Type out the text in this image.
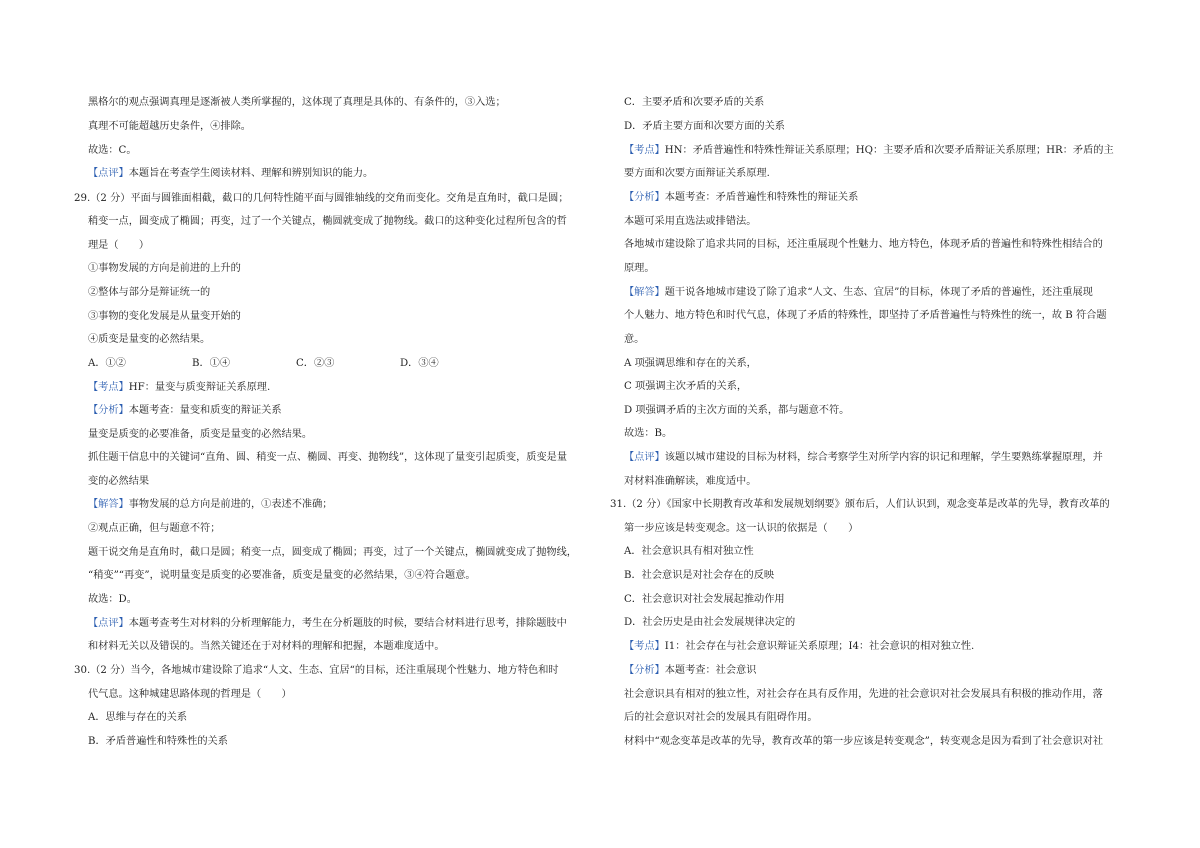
黑格尔的观点强调真理是逐渐被人类所掌握的，这体现了真理是具体的、有条件的，③入选；
真理不可能超越历史条件，④排除。
故选：C。
【点评】本题旨在考查学生阅读材料、理解和辨别知识的能力。
29.（2 分）平面与圆锥面相截，截口的几何特性随平面与圆锥轴线的交角而变化。交角是直角时，截口是圆；
稍变一点，圆变成了椭圆；再变，过了一个关键点，椭圆就变成了抛物线。截口的这种变化过程所包含的哲
理是（　　）
①事物发展的方向是前进的上升的
②整体与部分是辩证统一的
③事物的变化发展是从量变开始的
④质变是量变的必然结果。
A．①②	B．①④	C．②③	D．③④
【考点】HF：量变与质变辩证关系原理.
【分析】本题考查：量变和质变的辩证关系
量变是质变的必要准备，质变是量变的必然结果。
抓住题干信息中的关键词“直角、圆、稍变一点、椭圆、再变、抛物线”，这体现了量变引起质变，质变是量
变的必然结果
【解答】事物发展的总方向是前进的，①表述不准确；
②观点正确，但与题意不符；
题干说交角是直角时，截口是圆；稍变一点，圆变成了椭圆；再变，过了一个关键点，椭圆就变成了抛物线，
“稍变”“再变”，说明量变是质变的必要准备，质变是量变的必然结果，③④符合题意。
故选：D。
【点评】本题考查考生对材料的分析理解能力，考生在分析题肢的时候，要结合材料进行思考，排除题肢中
和材料无关以及错误的。当然关键还在于对材料的理解和把握，本题难度适中。
30.（2 分）当今，各地城市建设除了追求“人文、生态、宜居“的目标，还注重展现个性魅力、地方特色和时
代气息。这种城建思路体现的哲理是（　　）
A．思维与存在的关系
B．矛盾普遍性和特殊性的关系
C．主要矛盾和次要矛盾的关系
D．矛盾主要方面和次要方面的关系
【考点】HN：矛盾普遍性和特殊性辩证关系原理；HQ：主要矛盾和次要矛盾辩证关系原理；HR：矛盾的主
要方面和次要方面辩证关系原理.
【分析】本题考查：矛盾普遍性和特殊性的辩证关系
本题可采用直选法或排错法。
各地城市建设除了追求共同的目标，还注重展现个性魅力、地方特色，体现矛盾的普遍性和特殊性相结合的
原理。
【解答】题干说各地城市建设了除了追求“人文、生态、宜居”的目标，体现了矛盾的普遍性，还注重展现
个人魅力、地方特色和时代气息，体现了矛盾的特殊性，即坚持了矛盾普遍性与特殊性的统一，故 B 符合题
意。
A 项强调思维和存在的关系，
C 项强调主次矛盾的关系，
D 项强调矛盾的主次方面的关系，都与题意不符。
故选：B。
【点评】该题以城市建设的目标为材料，综合考察学生对所学内容的识记和理解，学生要熟练掌握原理，并
对材料准确解读，难度适中。
31.（2 分）《国家中长期教育改革和发展规划纲要》颁布后，人们认识到，观念变革是改革的先导，教育改革的
第一步应该是转变观念。这一认识的依据是（　　）
A．社会意识具有相对独立性
B．社会意识是对社会存在的反映
C．社会意识对社会发展起推动作用
D．社会历史是由社会发展规律决定的
【考点】I1：社会存在与社会意识辩证关系原理；I4：社会意识的相对独立性.
【分析】本题考查：社会意识
社会意识具有相对的独立性，对社会存在具有反作用，先进的社会意识对社会发展具有积极的推动作用，落
后的社会意识对社会的发展具有阻碍作用。
材料中“观念变革是改革的先导，教育改革的第一步应该是转变观念”，转变观念是因为看到了社会意识对社
